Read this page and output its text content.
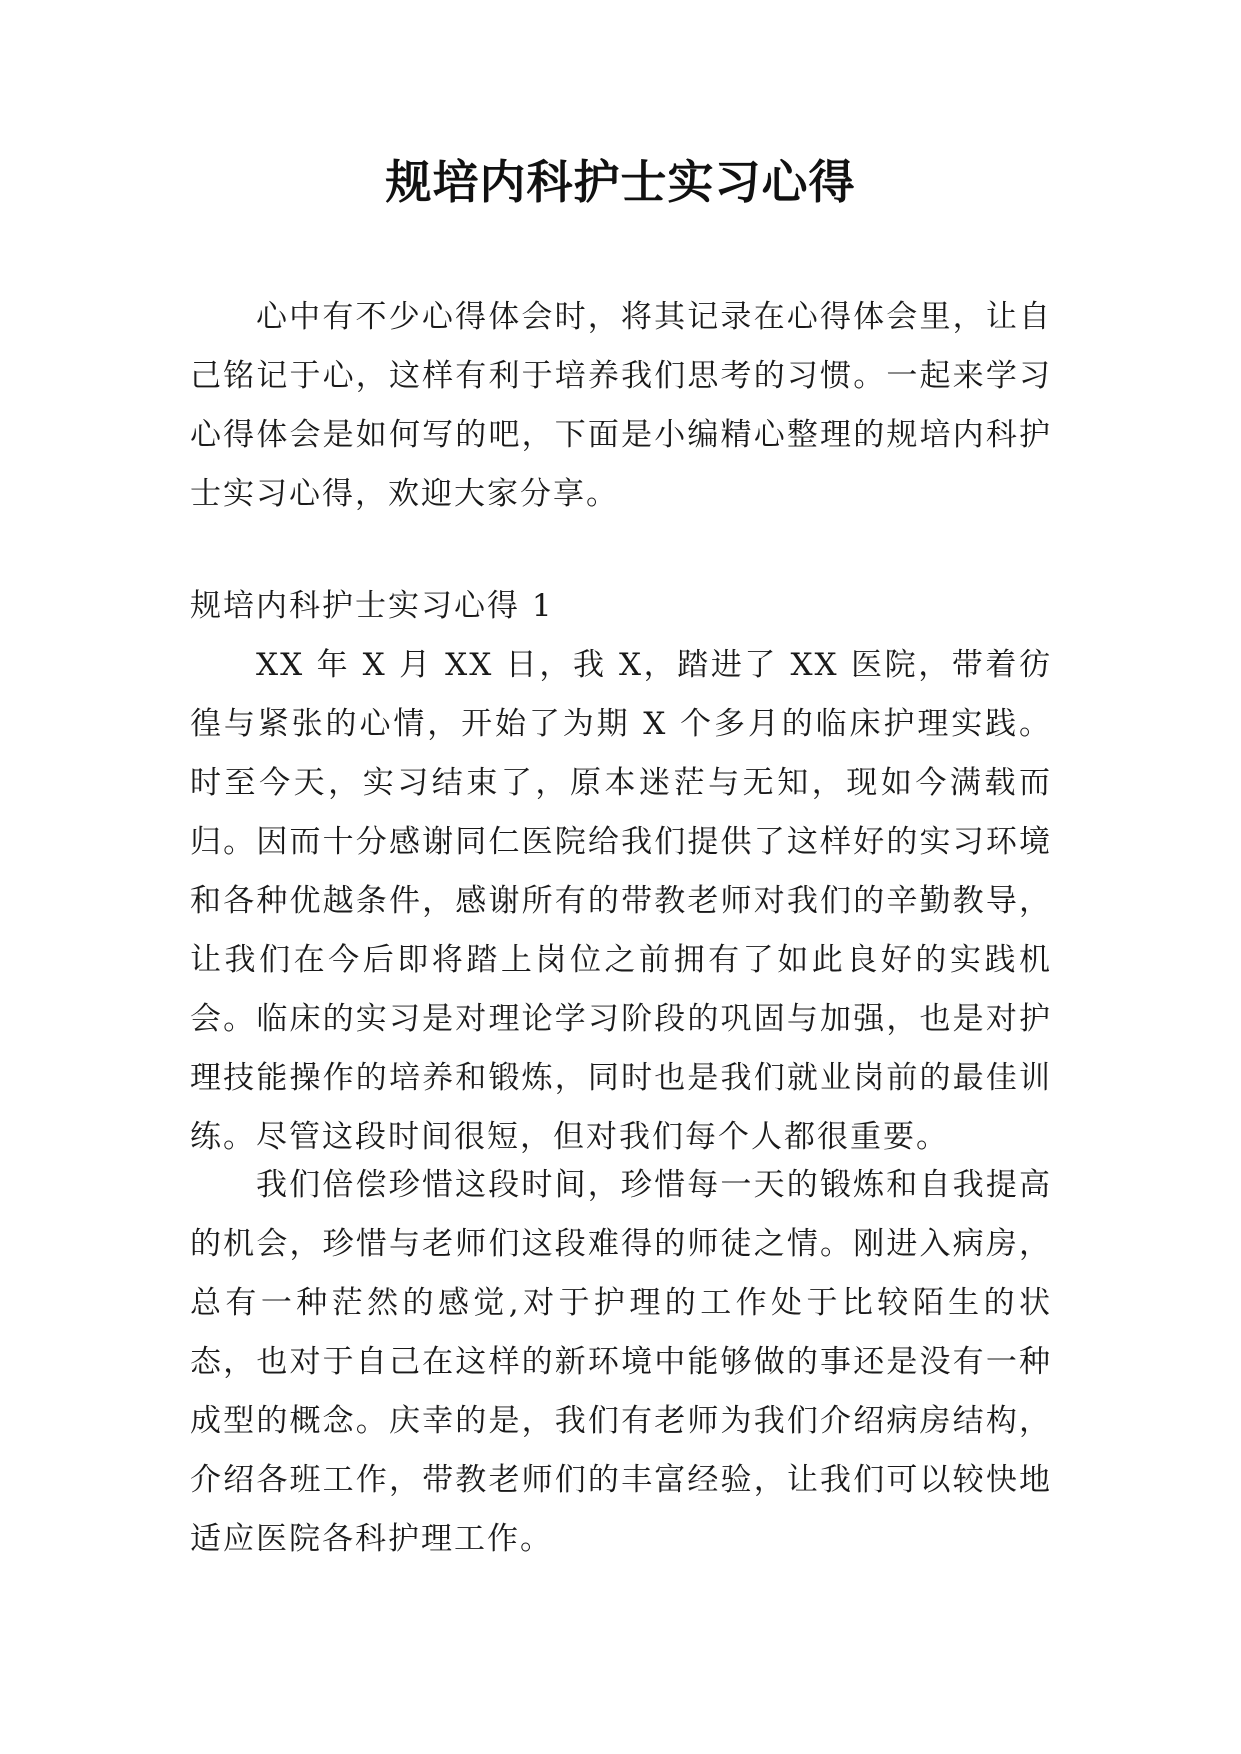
规培内科护士实习心得

心中有不少心得体会时，将其记录在心得体会里，让自己铭记于心，这样有利于培养我们思考的习惯。一起来学习心得体会是如何写的吧，下面是小编精心整理的规培内科护士实习心得，欢迎大家分享。

规培内科护士实习心得 1

XX 年 X 月 XX 日，我 X，踏进了 XX 医院，带着彷徨与紧张的心情，开始了为期 X 个多月的临床护理实践。时至今天，实习结束了，原本迷茫与无知，现如今满载而归。因而十分感谢同仁医院给我们提供了这样好的实习环境和各种优越条件，感谢所有的带教老师对我们的辛勤教导，让我们在今后即将踏上岗位之前拥有了如此良好的实践机会。临床的实习是对理论学习阶段的巩固与加强，也是对护理技能操作的培养和锻炼，同时也是我们就业岗前的最佳训练。尽管这段时间很短，但对我们每个人都很重要。

我们倍偿珍惜这段时间，珍惜每一天的锻炼和自我提高的机会，珍惜与老师们这段难得的师徒之情。刚进入病房，总有一种茫然的感觉,对于护理的工作处于比较陌生的状态，也对于自己在这样的新环境中能够做的事还是没有一种成型的概念。庆幸的是，我们有老师为我们介绍病房结构，介绍各班工作，带教老师们的丰富经验，让我们可以较快地适应医院各科护理工作。
